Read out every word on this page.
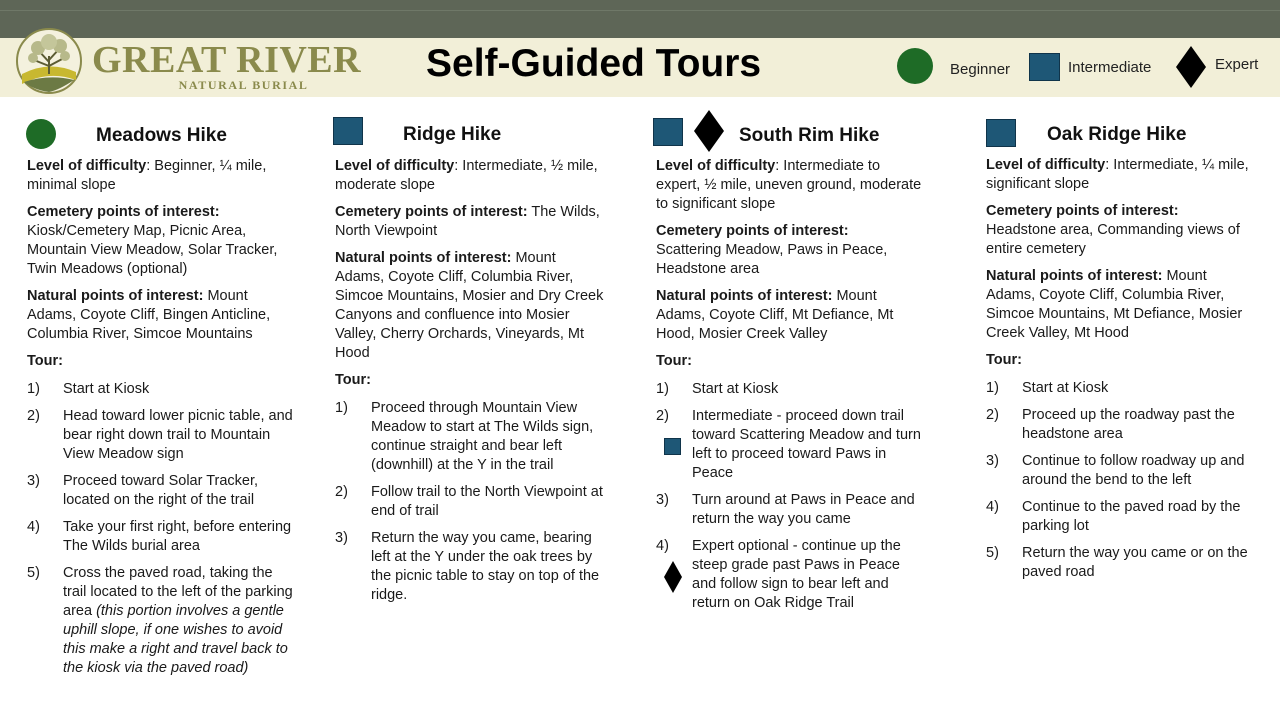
GREAT RIVER
NATURAL BURIAL	Self-Guided Tours	Beginner	Intermediate	Expert
Meadows Hike
Level of difficulty: Beginner, ¼ mile, minimal slope
Cemetery points of interest:
Kiosk/Cemetery Map, Picnic Area, Mountain View Meadow, Solar Tracker, Twin Meadows (optional)
Natural points of interest: Mount Adams, Coyote Cliff, Bingen Anticline, Columbia River, Simcoe Mountains
Tour:
1)	Start at Kiosk
2)	Head toward lower picnic table, and bear right down trail to Mountain View Meadow sign
3)	Proceed toward Solar Tracker, located on the right of the trail
4)	Take your first right, before entering The Wilds burial area
5)	Cross the paved road, taking the trail located to the left of the parking area (this portion involves a gentle uphill slope, if one wishes to avoid this make a right and travel back to the kiosk via the paved road)
Ridge Hike
Level of difficulty: Intermediate, ½ mile, moderate slope
Cemetery points of interest: The Wilds, North Viewpoint
Natural points of interest: Mount Adams, Coyote Cliff, Columbia River, Simcoe Mountains, Mosier and Dry Creek Canyons and confluence into Mosier Valley, Cherry Orchards, Vineyards, Mt Hood
Tour:
1)	Proceed through Mountain View Meadow to start at The Wilds sign, continue straight and bear left (downhill) at the Y in the trail
2)	Follow trail to the North Viewpoint at end of trail
3)	Return the way you came, bearing left at the Y under the oak trees by the picnic table to stay on top of the ridge.
South Rim Hike
Level of difficulty: Intermediate to expert, ½ mile, uneven ground, moderate to significant slope
Cemetery points of interest:
Scattering Meadow, Paws in Peace, Headstone area
Natural points of interest: Mount Adams, Coyote Cliff, Mt Defiance, Mt Hood, Mosier Creek Valley
Tour:
1)	Start at Kiosk
2)	Intermediate - proceed down trail toward Scattering Meadow and turn left to proceed toward Paws in Peace
3)	Turn around at Paws in Peace and return the way you came
4)	Expert optional - continue up the steep grade past Paws in Peace and follow sign to bear left and return on Oak Ridge Trail
Oak Ridge Hike
Level of difficulty: Intermediate, ¼ mile, significant slope
Cemetery points of interest:
Headstone area, Commanding views of entire cemetery
Natural points of interest: Mount Adams, Coyote Cliff, Columbia River, Simcoe Mountains, Mt Defiance, Mosier Creek Valley, Mt Hood
Tour:
1)	Start at Kiosk
2)	Proceed up the roadway past the headstone area
3)	Continue to follow roadway up and around the bend to the left
4)	Continue to the paved road by the parking lot
5)	Return the way you came or on the paved road
